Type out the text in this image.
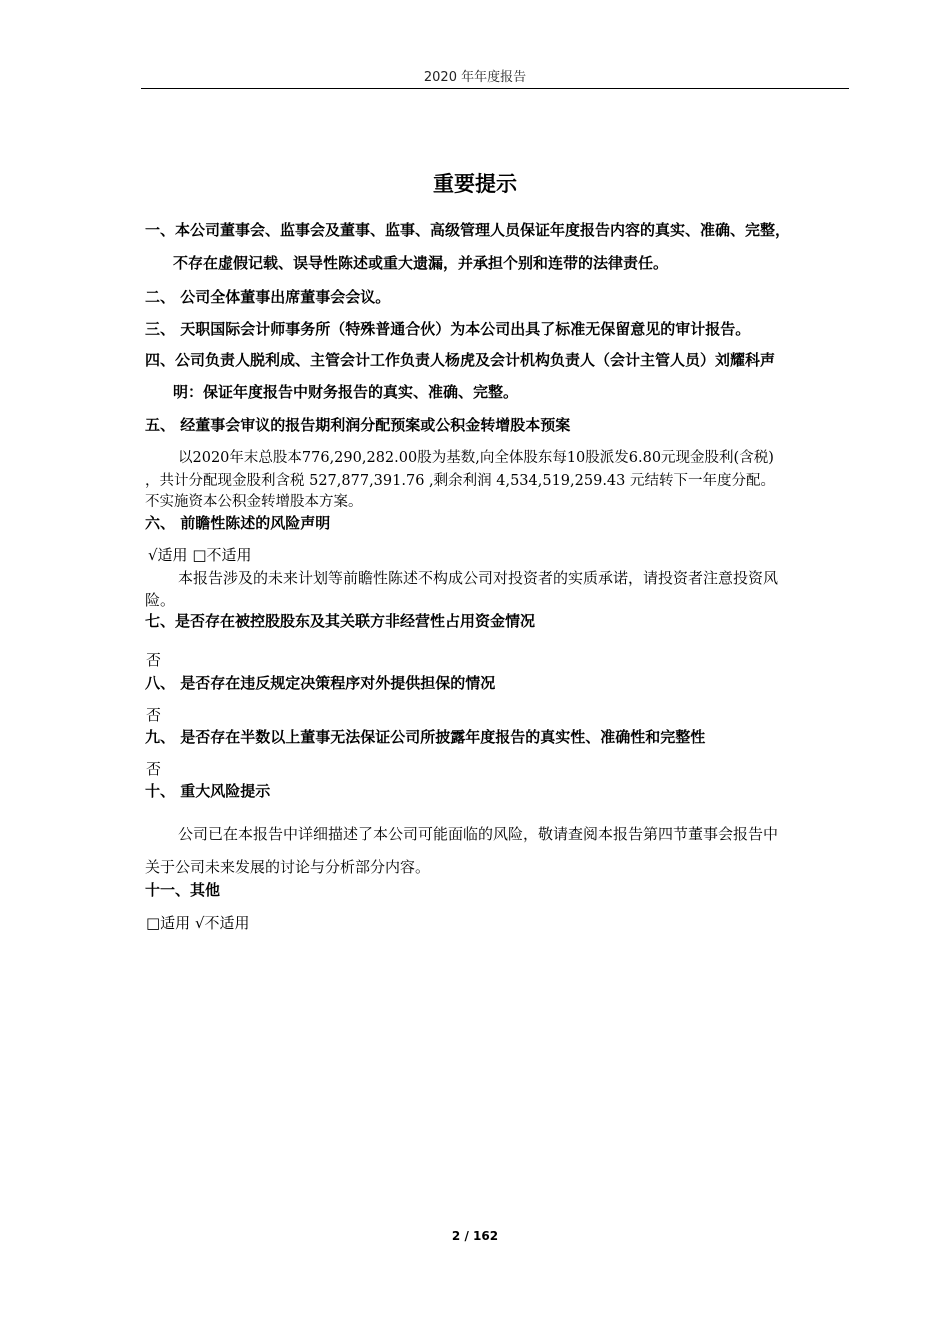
2020 年年度报告
重要提示
一、本公司董事会、监事会及董事、监事、高级管理人员保证年度报告内容的真实、准确、完整，
不存在虚假记载、误导性陈述或重大遗漏，并承担个别和连带的法律责任。
二、 公司全体董事出席董事会会议。
三、 天职国际会计师事务所（特殊普通合伙）为本公司出具了标准无保留意见的审计报告。
四、公司负责人脱利成、主管会计工作负责人杨虎及会计机构负责人（会计主管人员）刘耀科声
明：保证年度报告中财务报告的真实、准确、完整。
五、 经董事会审议的报告期利润分配预案或公积金转增股本预案
以2020年末总股本776,290,282.00股为基数,向全体股东每10股派发6.80元现金股利(含税)
，共计分配现金股利含税 527,877,391.76 ,剩余利润 4,534,519,259.43 元结转下一年度分配。
不实施资本公积金转增股本方案。
六、 前瞻性陈述的风险声明
√适用 □不适用
本报告涉及的未来计划等前瞻性陈述不构成公司对投资者的实质承诺，请投资者注意投资风
险。
七、是否存在被控股股东及其关联方非经营性占用资金情况
否
八、 是否存在违反规定决策程序对外提供担保的情况
否
九、 是否存在半数以上董事无法保证公司所披露年度报告的真实性、准确性和完整性
否
十、 重大风险提示
公司已在本报告中详细描述了本公司可能面临的风险，敬请查阅本报告第四节董事会报告中
关于公司未来发展的讨论与分析部分内容。
十一、其他
□适用 √不适用
2 / 162
